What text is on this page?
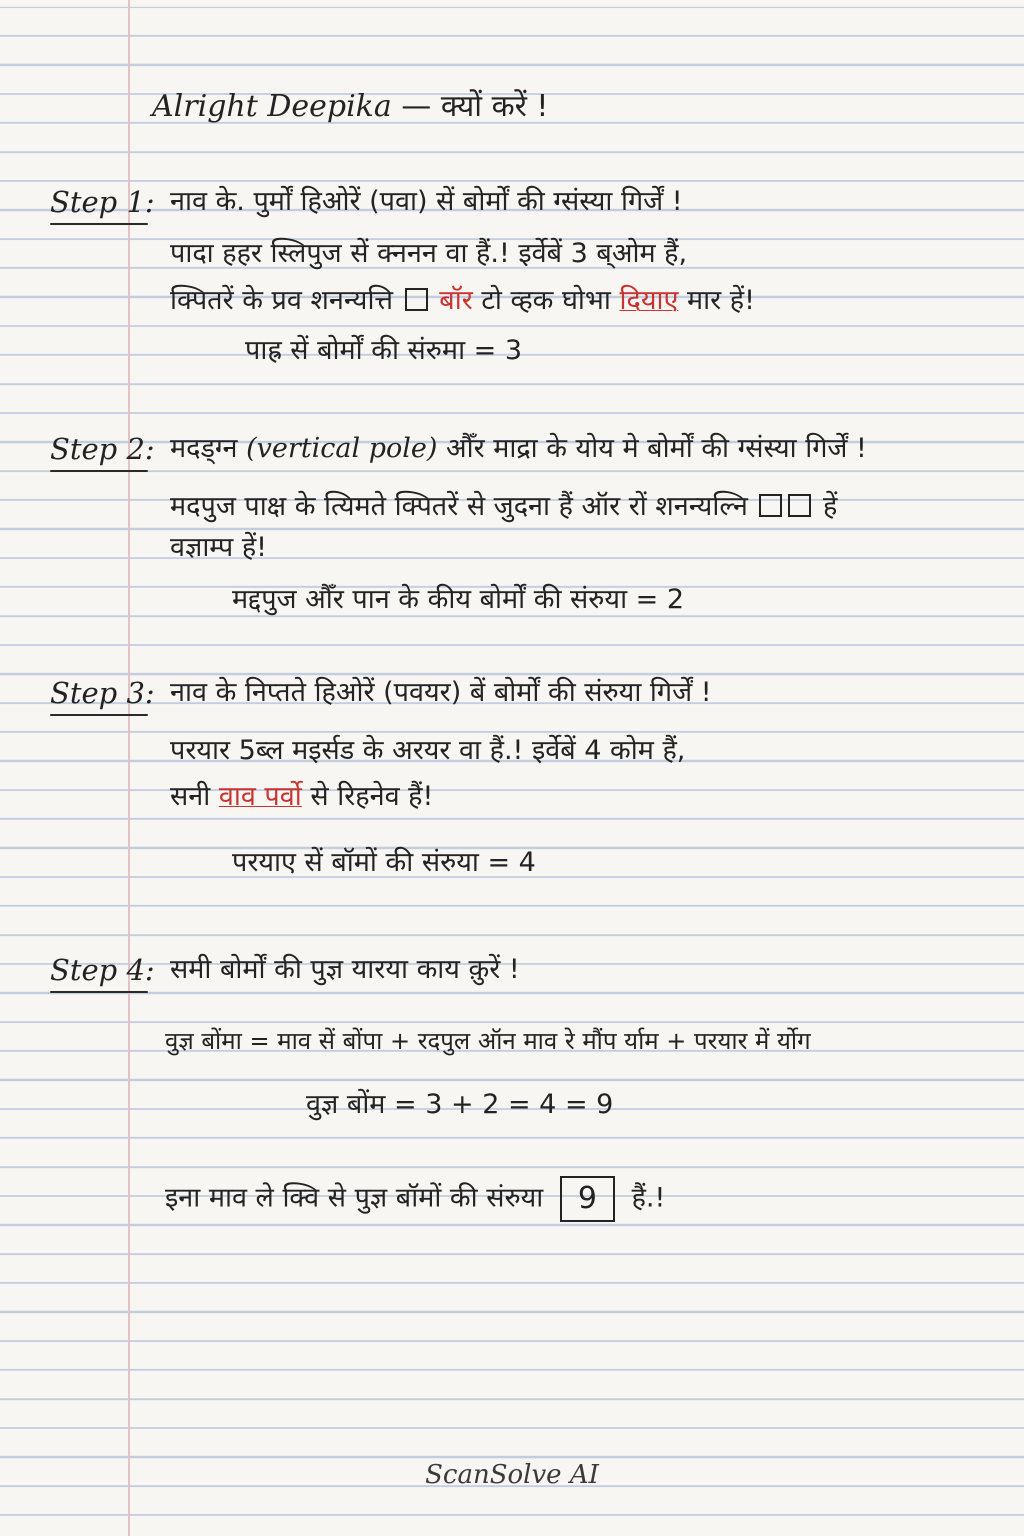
Alright Deepika — क्यों करें !
Step 1: नाव के. पुर्मों हिओरें (पवा) सें बोर्मों की ग्संस्या गिर्जें !
पादा हहर स्लिपुज सें क्ननन वा हैं.! इर्वेबें 3 ब्ओम हैं,
क्पितरें के प्रव शनन्यत्ति बॉर टो व्हक घोभा दियाए मार हें!
पाह्र सें बोर्मों की संरुमा = 3
Step 2: मदड्ग्न (vertical pole) औँर माद्रा के योय मे बोर्मों की ग्संस्या गिर्जें !
मदपुज पाक्ष के त्यिमते क्पितरें से जुदना हैं ऑर रों शनन्यल्नि	हें
वज्ञाम्प हें!
मद्दपुज औँर पान के कीय बोर्मों की संरुया = 2
Step 3: नाव के निप्तते हिओरें (पवयर) बें बोर्मों की संरुया गिर्जें !
परयार 5ब्ल मइर्सड के अरयर वा हैं.! इर्वेबें 4 कोम हैं,
सनी वाव पर्वो से रिहनेव हैं!
परयाए सें बॉमों की संरुया = 4
Step 4: समी बोर्मों की पुज्ञ यारया काय क़ुरें !
वुज्ञ बोंमा = माव सें बोंपा + रदपुल ऑन माव रे मौंप र्याम + परयार में र्योग
वुज्ञ बोंम = 3 + 2 = 4 = 9
इना माव ले क्वि से पुज्ञ बॉमों की संरुया 9 हैं.!
ScanSolve AI
